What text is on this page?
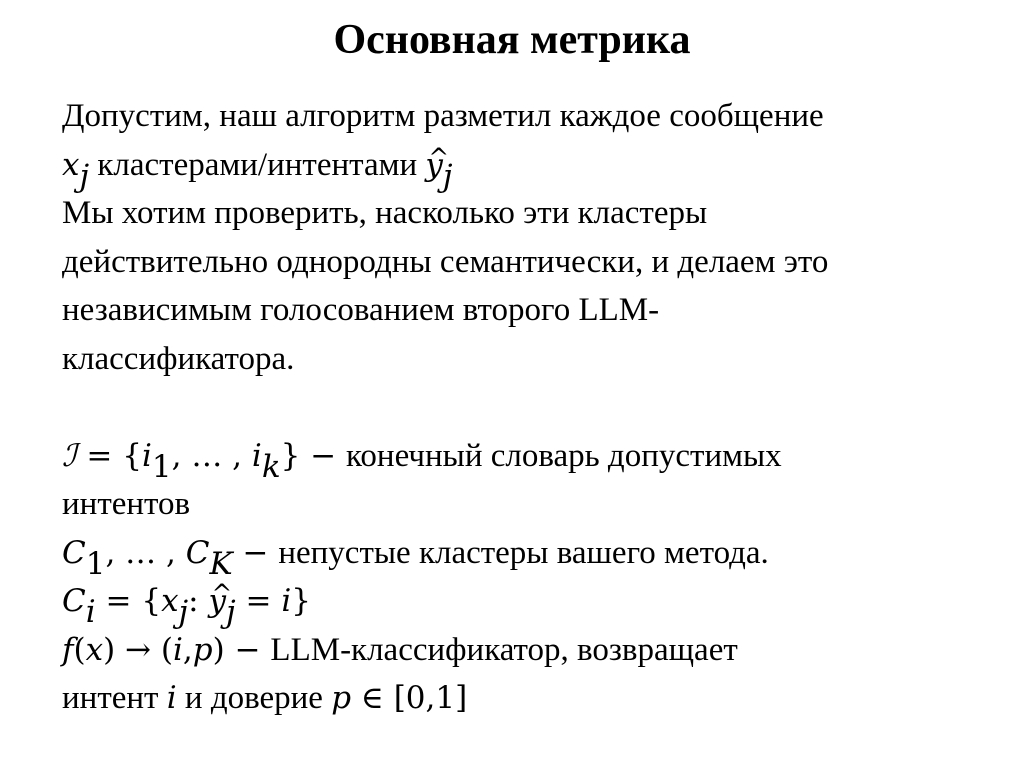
Основная метрика
Допустим, наш алгоритм разметил каждое сообщение
$x_j$ кластерами/интентами ^ $y_j$
Мы хотим проверить, насколько эти кластеры
действительно однородны семантически, и делаем это
независимым голосованием второго LLM-
классификатора.
ℐ = {$i_1$, … , $i_k$} − конечный словарь допустимых
интентов
$C_1$, … , $C_K$ − непустые кластеры вашего метода.
$C_i = \{x_j$: ^ $y_j = i$}
f(x) → (i,p) − LLM-классификатор, возвращает
интент i и доверие p ∈ [0,1]
